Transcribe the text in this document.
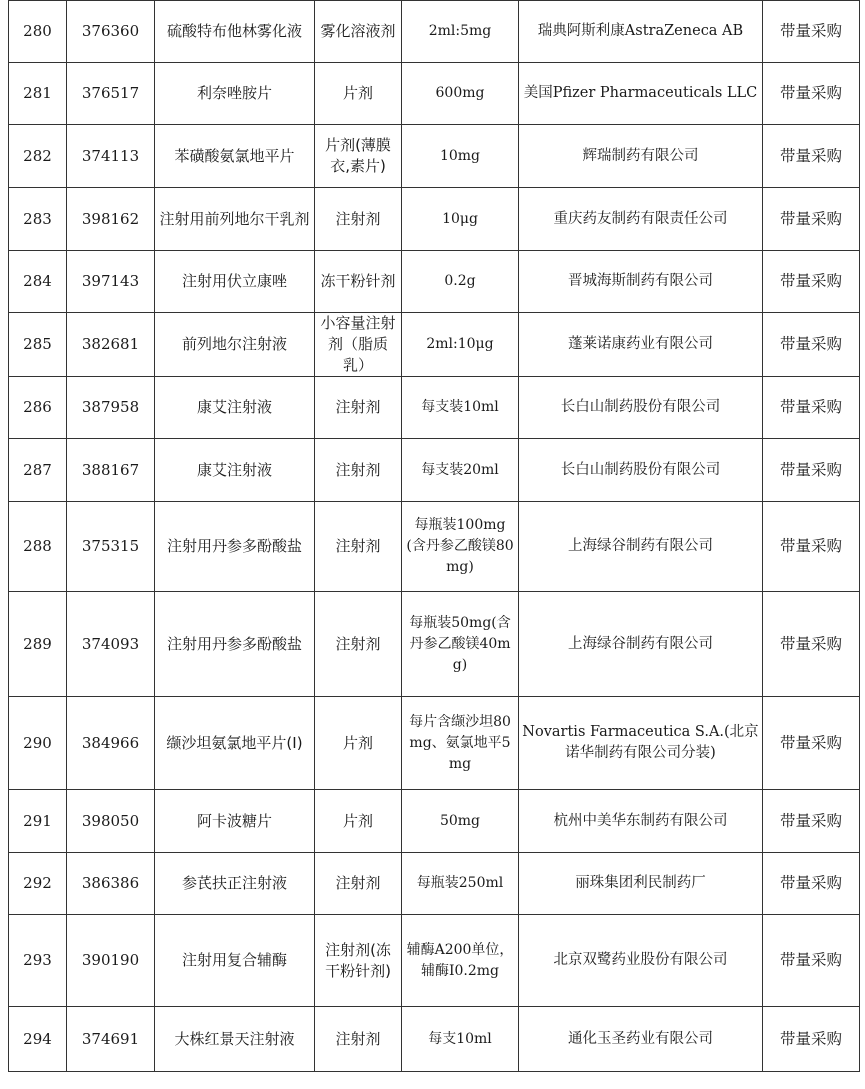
280	376360	硫酸特布他林雾化液	雾化溶液剂	2ml:5mg	瑞典阿斯利康AstraZeneca AB	带量采购
281	376517	利奈唑胺片	片剂	600mg	美国Pfizer Pharmaceuticals LLC	带量采购
282	374113	苯磺酸氨氯地平片	片剂(薄膜衣,素片)	10mg	辉瑞制药有限公司	带量采购
283	398162	注射用前列地尔干乳剂	注射剂	10μg	重庆药友制药有限责任公司	带量采购
284	397143	注射用伏立康唑	冻干粉针剂	0.2g	晋城海斯制药有限公司	带量采购
285	382681	前列地尔注射液	小容量注射剂（脂质乳）	2ml:10μg	蓬莱诺康药业有限公司	带量采购
286	387958	康艾注射液	注射剂	每支装10ml	长白山制药股份有限公司	带量采购
287	388167	康艾注射液	注射剂	每支装20ml	长白山制药股份有限公司	带量采购
288	375315	注射用丹参多酚酸盐	注射剂	每瓶装100mg(含丹参乙酸镁80mg)	上海绿谷制药有限公司	带量采购
289	374093	注射用丹参多酚酸盐	注射剂	每瓶装50mg(含丹参乙酸镁40mg)	上海绿谷制药有限公司	带量采购
290	384966	缬沙坦氨氯地平片(Ⅰ)	片剂	每片含缬沙坦80mg、氨氯地平5mg	Novartis Farmaceutica S.A.(北京诺华制药有限公司分装)	带量采购
291	398050	阿卡波糖片	片剂	50mg	杭州中美华东制药有限公司	带量采购
292	386386	参芪扶正注射液	注射剂	每瓶装250ml	丽珠集团利民制药厂	带量采购
293	390190	注射用复合辅酶	注射剂(冻干粉针剂)	辅酶A200单位，辅酶Ⅰ0.2mg	北京双鹭药业股份有限公司	带量采购
294	374691	大株红景天注射液	注射剂	每支10ml	通化玉圣药业有限公司	带量采购
